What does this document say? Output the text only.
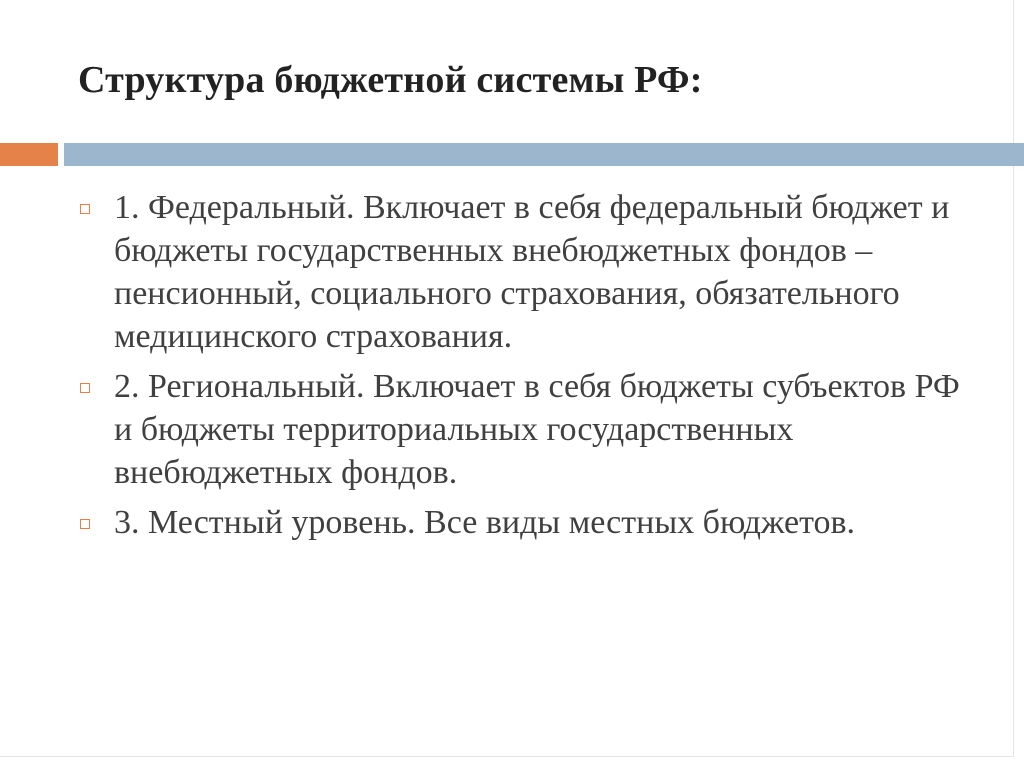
Структура бюджетной системы РФ:
1. Федеральный. Включает в себя федеральный бюджет и бюджеты государственных внебюджетных фондов – пенсионный, социального страхования, обязательного медицинского страхования.
2. Региональный. Включает в себя бюджеты субъектов РФ и бюджеты территориальных государственных внебюджетных фондов.
3. Местный уровень. Все виды местных бюджетов.
